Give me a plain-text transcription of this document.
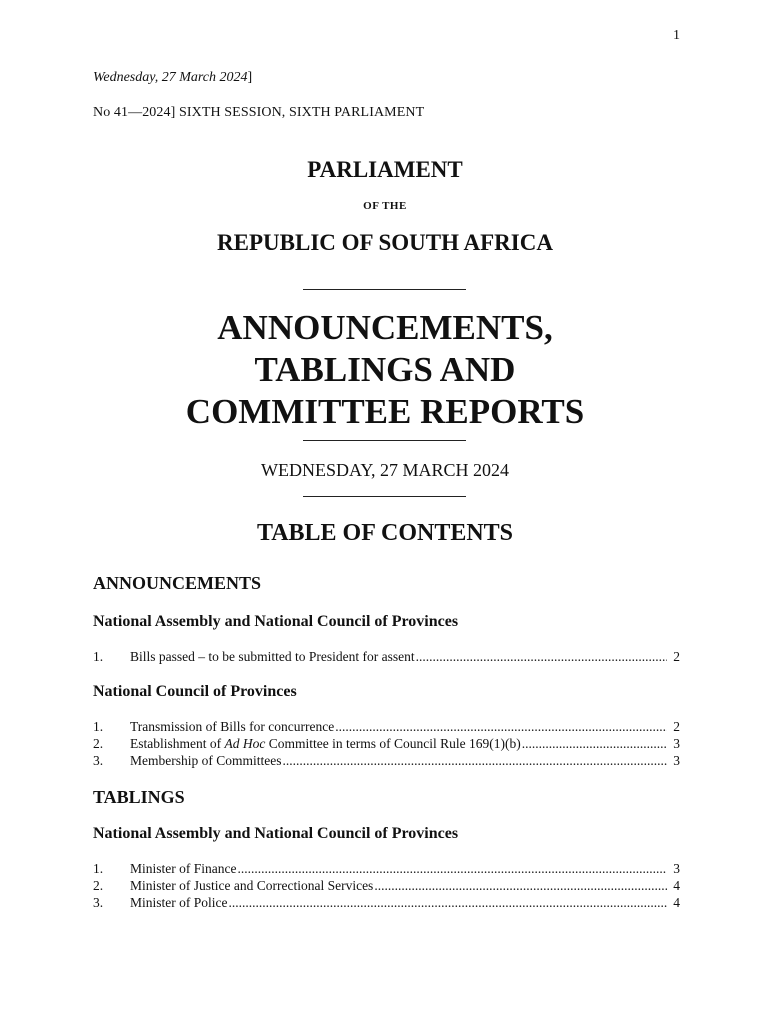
1
Wednesday, 27 March 2024]
No 41—2024] SIXTH SESSION, SIXTH PARLIAMENT
PARLIAMENT
OF THE
REPUBLIC OF SOUTH AFRICA
ANNOUNCEMENTS,
TABLINGS AND
COMMITTEE REPORTS
WEDNESDAY, 27 MARCH 2024
TABLE OF CONTENTS
ANNOUNCEMENTS
National Assembly and National Council of Provinces
1.	Bills passed – to be submitted to President for assent .....	2
National Council of Provinces
1.	Transmission of Bills for concurrence .....	2
2.	Establishment of Ad Hoc Committee in terms of Council Rule 169(1)(b) .....	3
3.	Membership of Committees .....	3
TABLINGS
National Assembly and National Council of Provinces
1.	Minister of Finance .....	3
2.	Minister of Justice and Correctional Services .....	4
3.	Minister of Police .....	4
